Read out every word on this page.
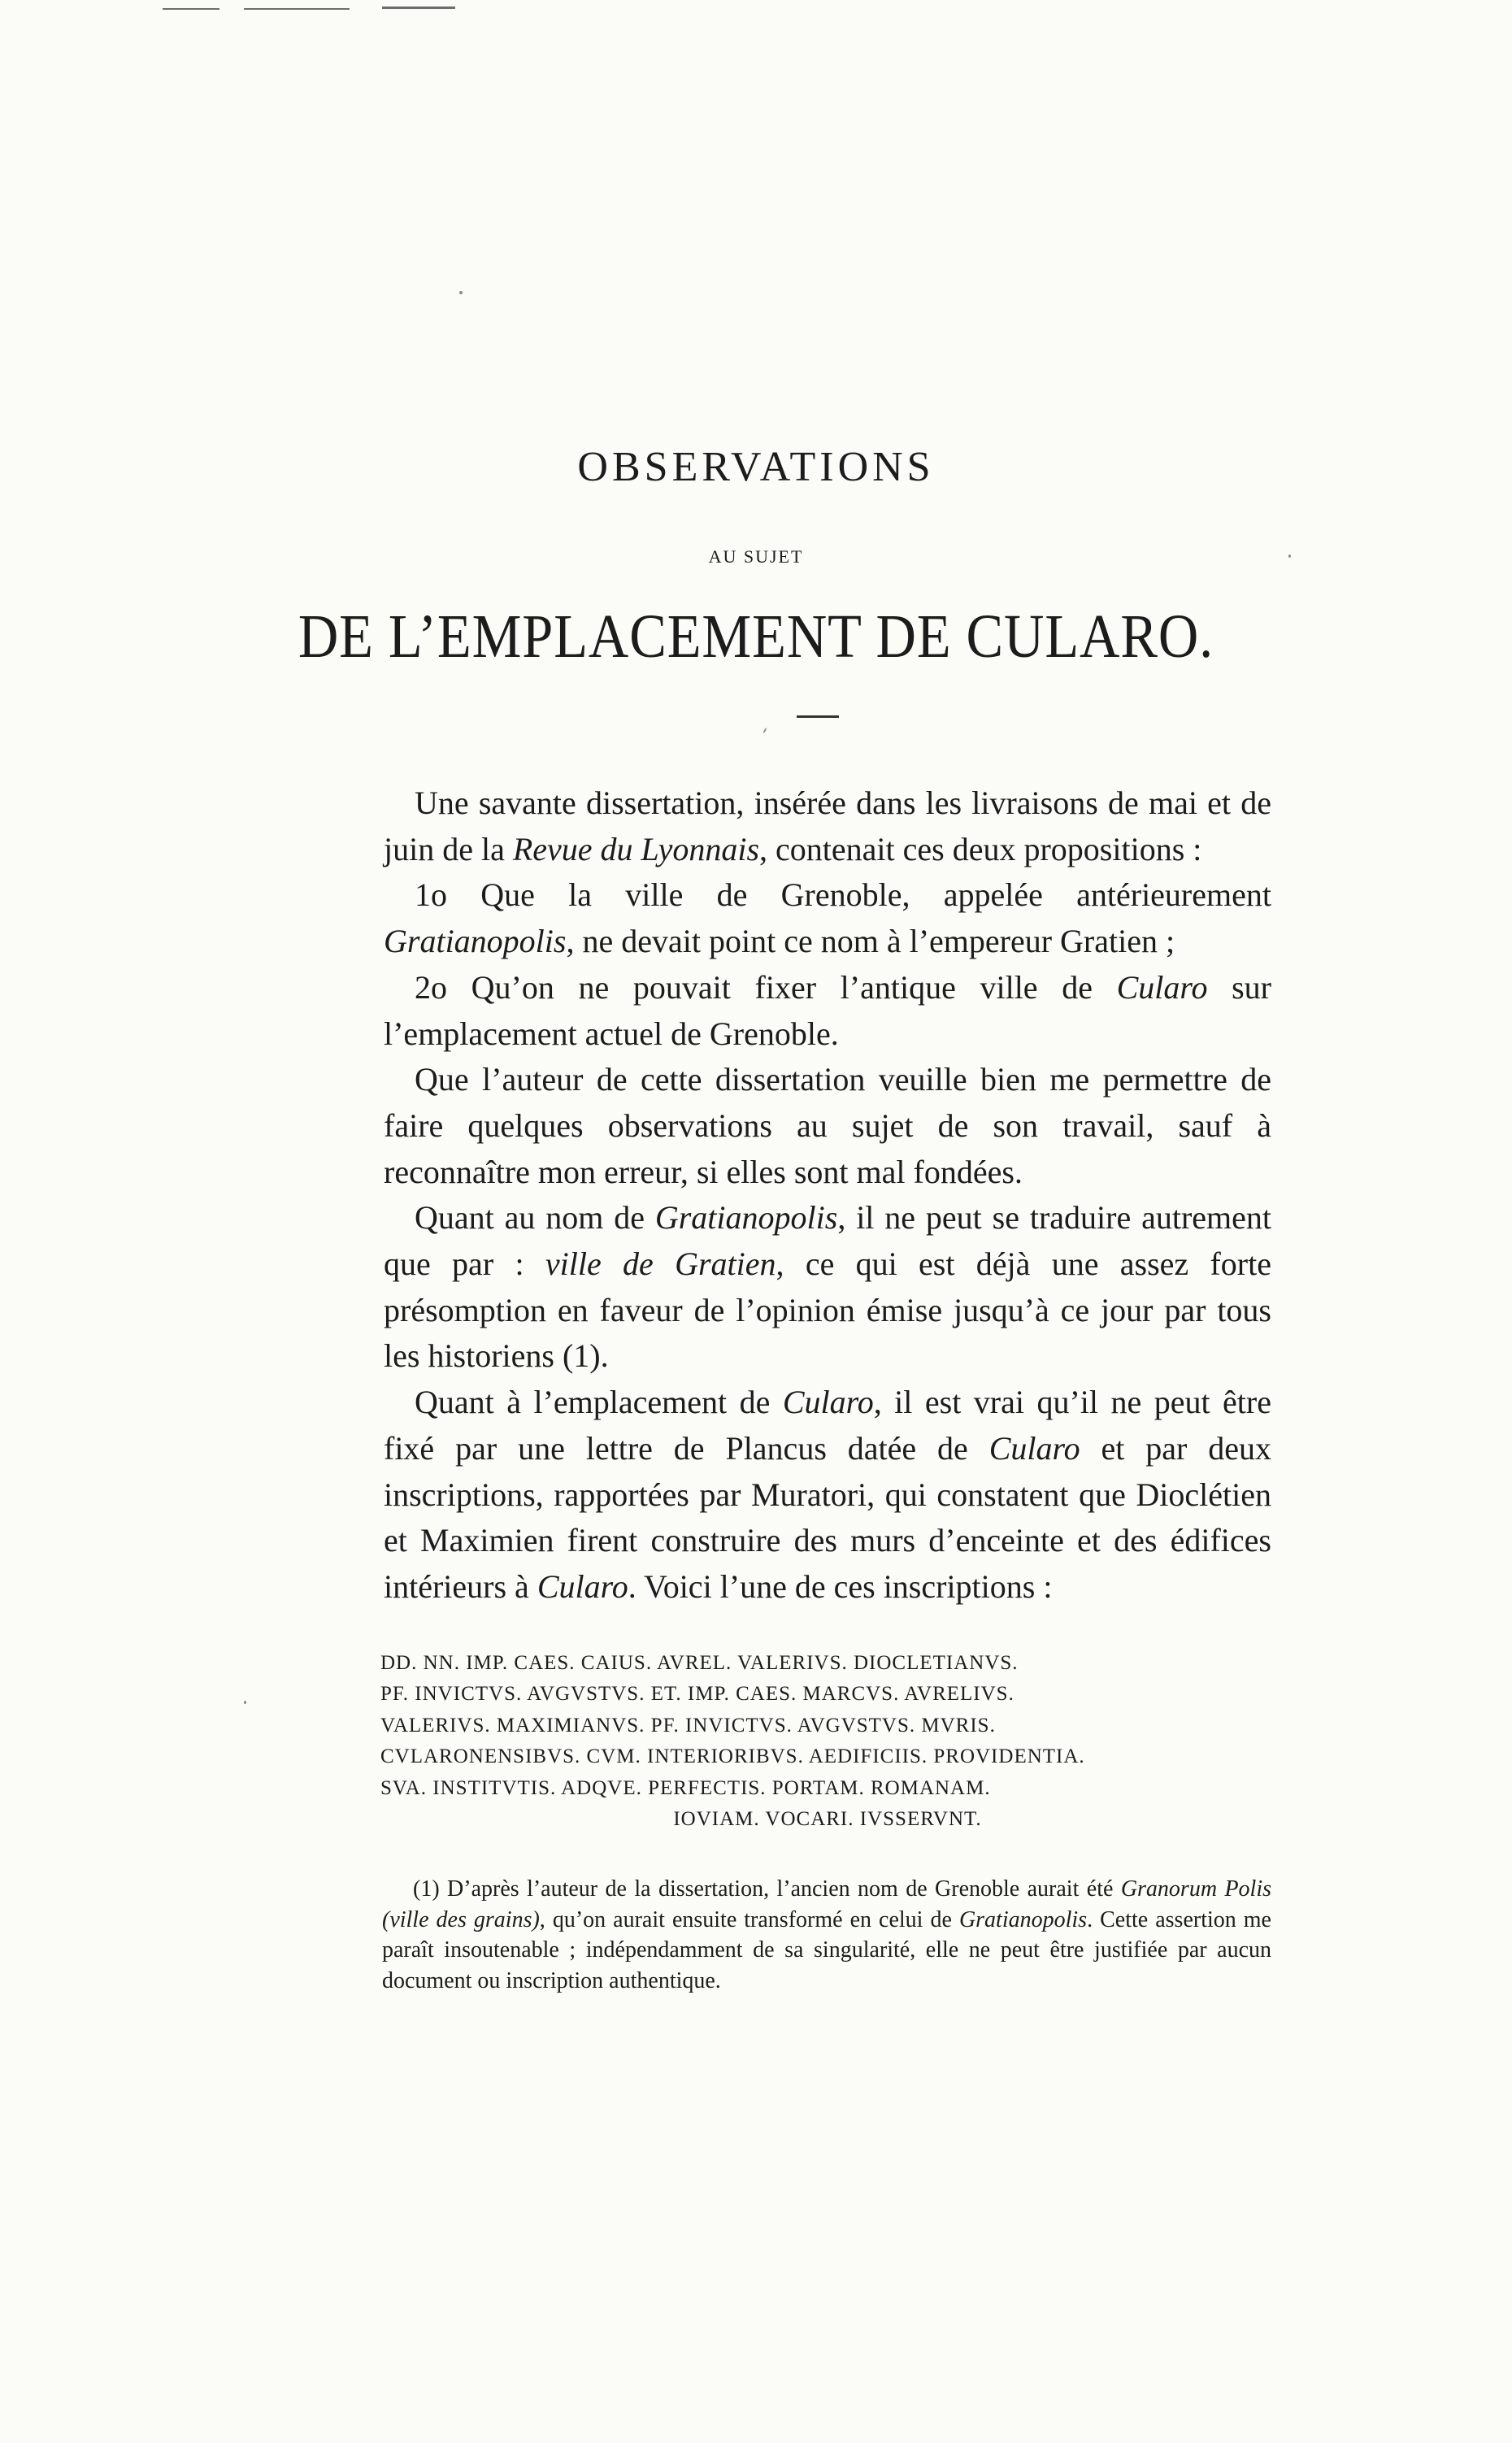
OBSERVATIONS
AU SUJET
DE L’EMPLACEMENT DE CULARO.

Une savante dissertation, insérée dans les livraisons de mai et de juin de la Revue du Lyonnais, contenait ces deux propositions :

1o Que la ville de Grenoble, appelée antérieurement Gratianopolis, ne devait point ce nom à l’empereur Gratien ;

2o Qu’on ne pouvait fixer l’antique ville de Cularo sur l’emplacement actuel de Grenoble.

Que l’auteur de cette dissertation veuille bien me permettre de faire quelques observations au sujet de son travail, sauf à reconnaître mon erreur, si elles sont mal fondées.

Quant au nom de Gratianopolis, il ne peut se traduire autrement que par : ville de Gratien, ce qui est déjà une assez forte présomption en faveur de l’opinion émise jusqu’à ce jour par tous les historiens (1).

Quant à l’emplacement de Cularo, il est vrai qu’il ne peut être fixé par une lettre de Plancus datée de Cularo et par deux inscriptions, rapportées par Muratori, qui constatent que Dioclétien et Maximien firent construire des murs d’enceinte et des édifices intérieurs à Cularo. Voici l’une de ces inscriptions :

DD. NN. IMP. CAES. CAIUS. AVREL. VALERIVS. DIOCLETIANVS.
PF. INVICTVS. AVGVSTVS. ET. IMP. CAES. MARCVS. AVRELIVS.
VALERIVS. MAXIMIANVS. PF. INVICTVS. AVGVSTVS. MVRIS.
CVLARONENSIBVS. CVM. INTERIORIBVS. AEDIFICIIS. PROVIDENTIA.
SVA. INSTITVTIS. ADQVE. PERFECTIS. PORTAM. ROMANAM.
IOVIAM. VOCARI. IVSSERVNT.

(1) D’après l’auteur de la dissertation, l’ancien nom de Grenoble aurait été Granorum Polis (ville des grains), qu’on aurait ensuite transformé en celui de Gratianopolis. Cette assertion me paraît insoutenable ; indépendamment de sa singularité, elle ne peut être justifiée par aucun document ou inscription authentique.
